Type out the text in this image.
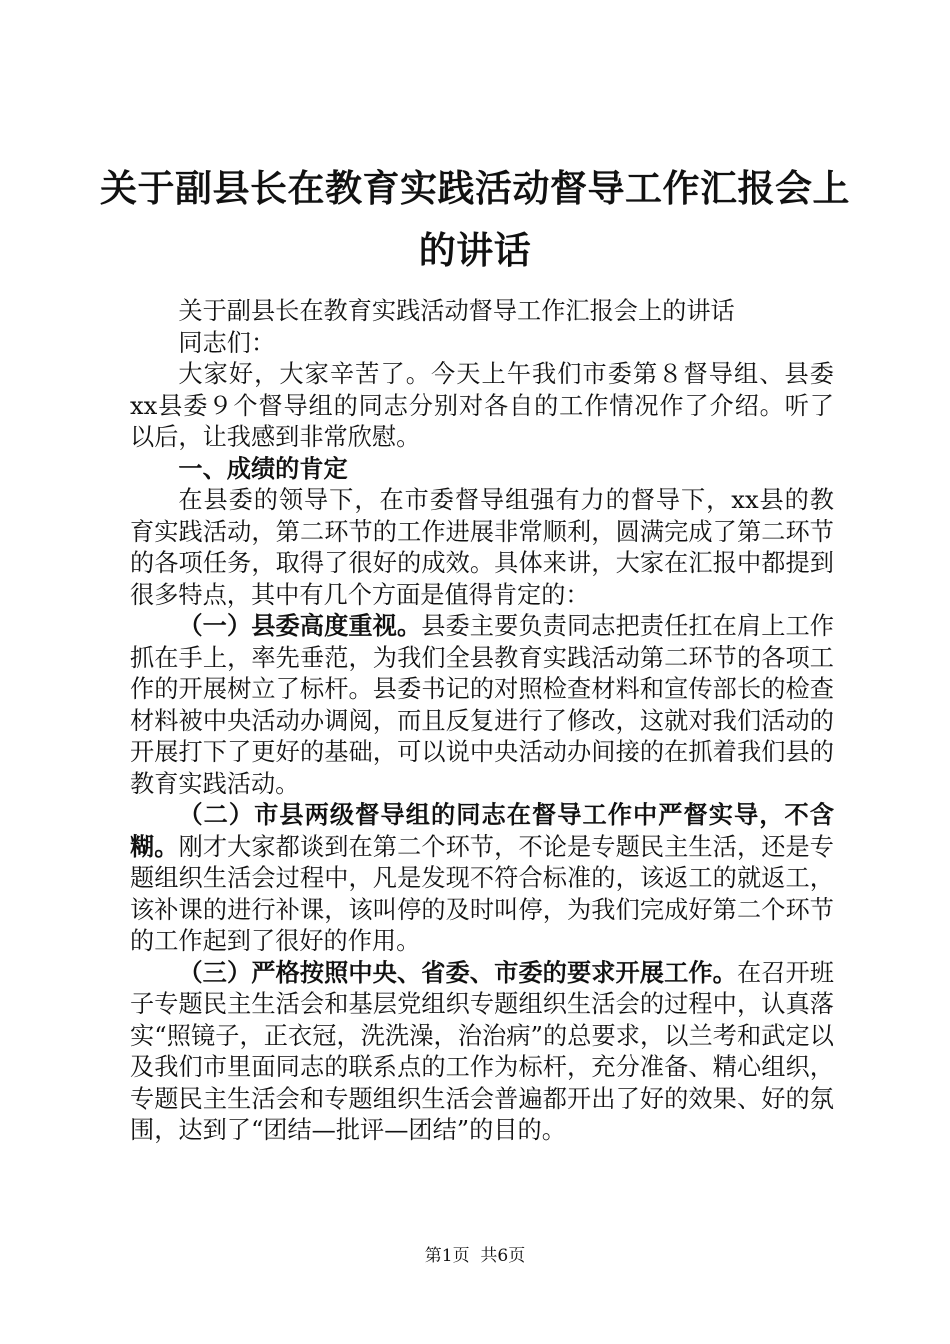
关于副县长在教育实践活动督导工作汇报会上
的讲话

关于副县长在教育实践活动督导工作汇报会上的讲话

同志们：

大家好，大家辛苦了。今天上午我们市委第８督导组、县委xx县委９个督导组的同志分别对各自的工作情况作了介绍。听了以后，让我感到非常欣慰。

一、成绩的肯定

在县委的领导下，在市委督导组强有力的督导下，xx县的教育实践活动，第二环节的工作进展非常顺利，圆满完成了第二环节的各项任务，取得了很好的成效。具体来讲，大家在汇报中都提到很多特点，其中有几个方面是值得肯定的：

（一）县委高度重视。县委主要负责同志把责任扛在肩上工作抓在手上，率先垂范，为我们全县教育实践活动第二环节的各项工作的开展树立了标杆。县委书记的对照检查材料和宣传部长的检查材料被中央活动办调阅，而且反复进行了修改，这就对我们活动的开展打下了更好的基础，可以说中央活动办间接的在抓着我们县的教育实践活动。

（二）市县两级督导组的同志在督导工作中严督实导，不含糊。刚才大家都谈到在第二个环节，不论是专题民主生活，还是专题组织生活会过程中，凡是发现不符合标准的，该返工的就返工，该补课的进行补课，该叫停的及时叫停，为我们完成好第二个环节的工作起到了很好的作用。

（三）严格按照中央、省委、市委的要求开展工作。在召开班子专题民主生活会和基层党组织专题组织生活会的过程中，认真落实“照镜子，正衣冠，洗洗澡，治治病”的总要求，以兰考和武定以及我们市里面同志的联系点的工作为标杆，充分准备、精心组织，专题民主生活会和专题组织生活会普遍都开出了好的效果、好的氛围，达到了“团结—批评—团结”的目的。

第1页 共6页
